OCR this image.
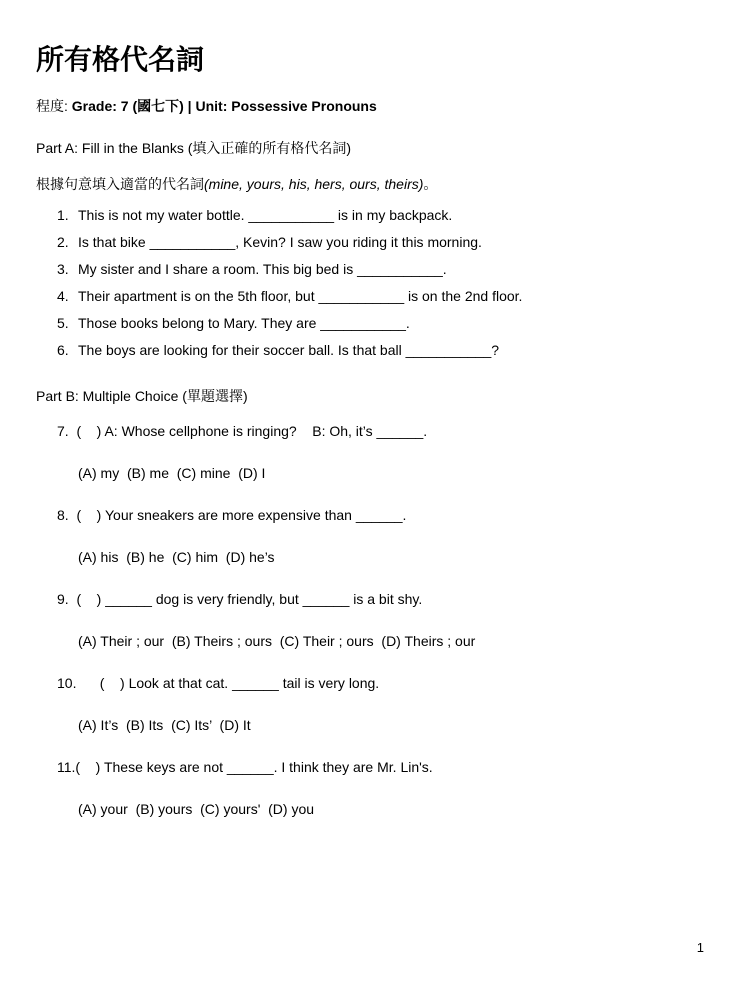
所有格代名詞
程度: Grade: 7 (國七下) | Unit: Possessive Pronouns
Part A: Fill in the Blanks (填入正確的所有格代名詞)
根據句意填入適當的代名詞(mine, yours, his, hers, ours, theirs)。
1. This is not my water bottle. ___________ is in my backpack.
2. Is that bike ___________, Kevin? I saw you riding it this morning.
3. My sister and I share a room. This big bed is ___________.
4. Their apartment is on the 5th floor, but ___________ is on the 2nd floor.
5. Those books belong to Mary. They are ___________.
6. The boys are looking for their soccer ball. Is that ball ___________?
Part B: Multiple Choice (單題選擇)
7.  (    ) A: Whose cellphone is ringing?    B: Oh, it’s ______.
(A) my  (B) me  (C) mine  (D) I
8.  (    ) Your sneakers are more expensive than ______.
(A) his  (B) he  (C) him  (D) he’s
9.  (    ) ______ dog is very friendly, but ______ is a bit shy.
(A) Their ; our  (B) Theirs ; ours  (C) Their ; ours  (D) Theirs ; our
10.      (    ) Look at that cat. ______ tail is very long.
(A) It’s  (B) Its  (C) Its’  (D) It
11.(    ) These keys are not ______. I think they are Mr. Lin's.
(A) your  (B) yours  (C) yours'  (D) you
1
